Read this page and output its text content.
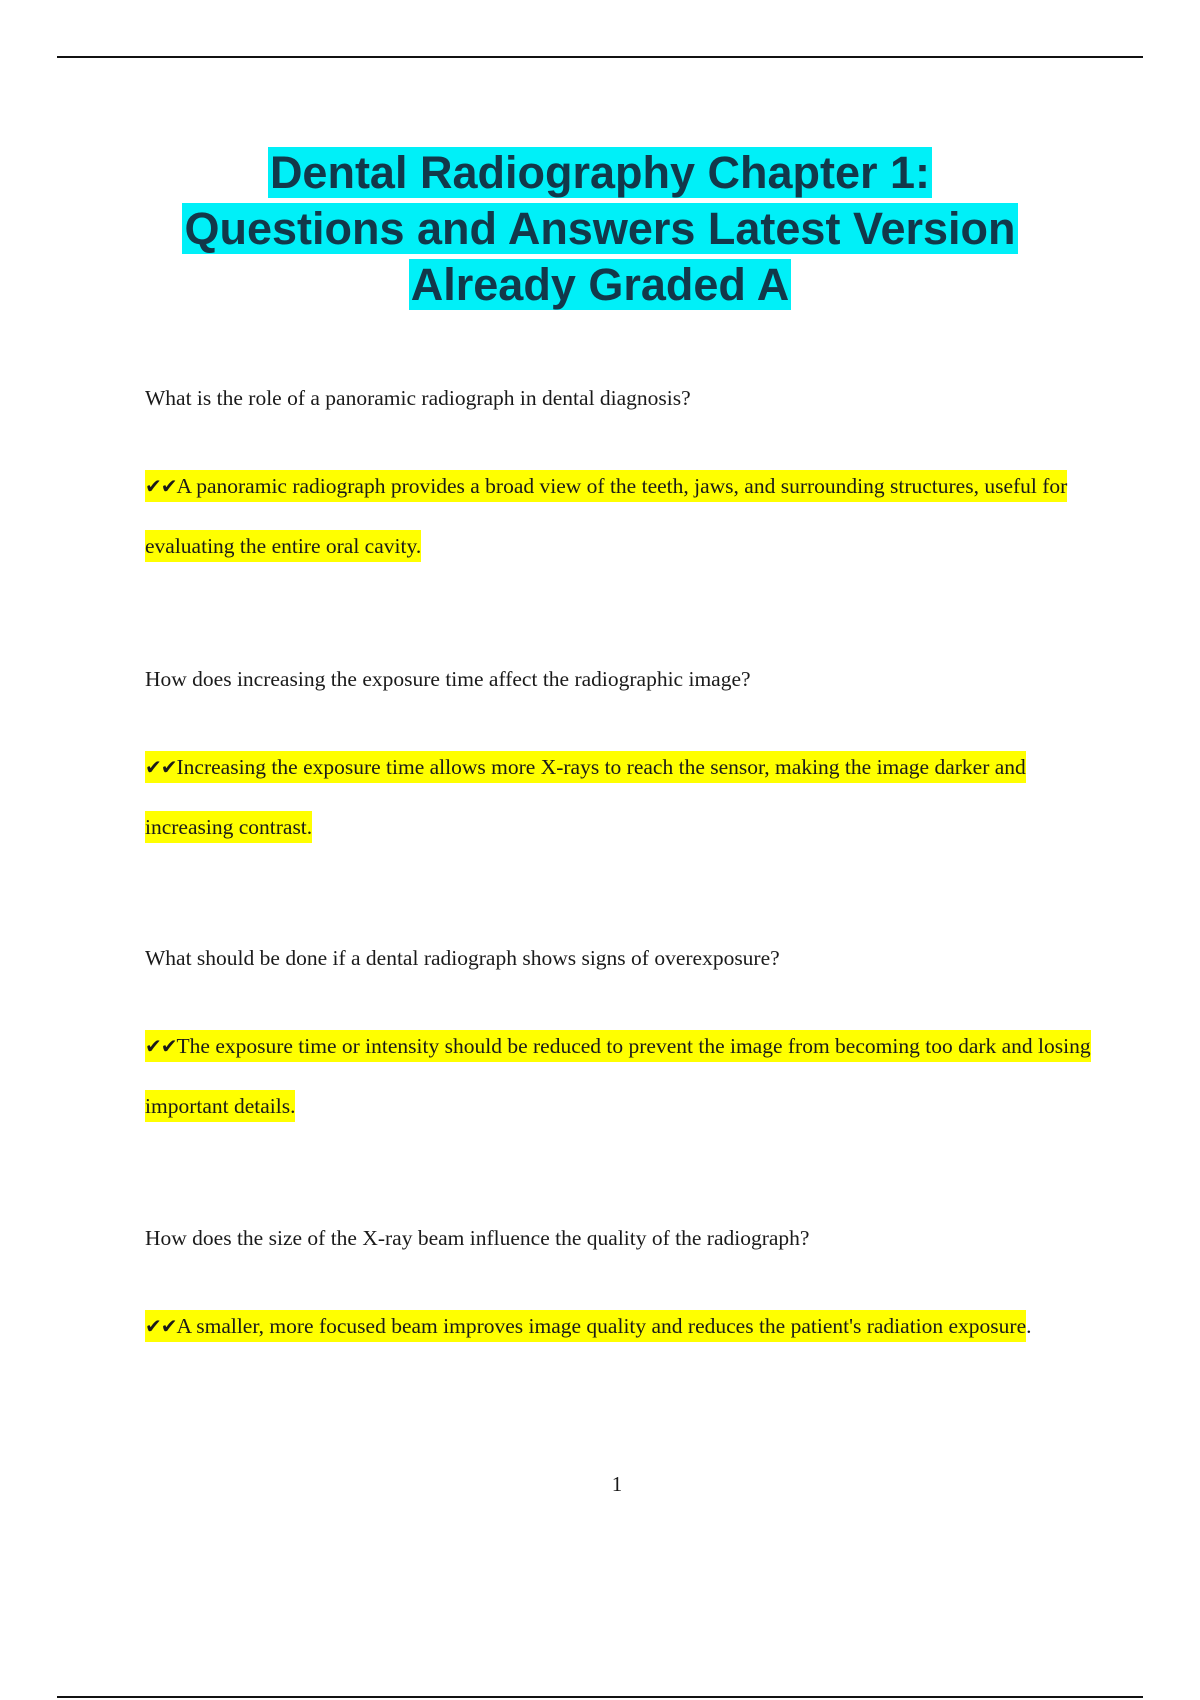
Dental Radiography Chapter 1:
Questions and Answers Latest Version
Already Graded A

What is the role of a panoramic radiograph in dental diagnosis?

✔✔A panoramic radiograph provides a broad view of the teeth, jaws, and surrounding structures, useful for evaluating the entire oral cavity.

How does increasing the exposure time affect the radiographic image?

✔✔Increasing the exposure time allows more X-rays to reach the sensor, making the image darker and increasing contrast.

What should be done if a dental radiograph shows signs of overexposure?

✔✔The exposure time or intensity should be reduced to prevent the image from becoming too dark and losing important details.

How does the size of the X-ray beam influence the quality of the radiograph?

✔✔A smaller, more focused beam improves image quality and reduces the patient's radiation exposure.

1
